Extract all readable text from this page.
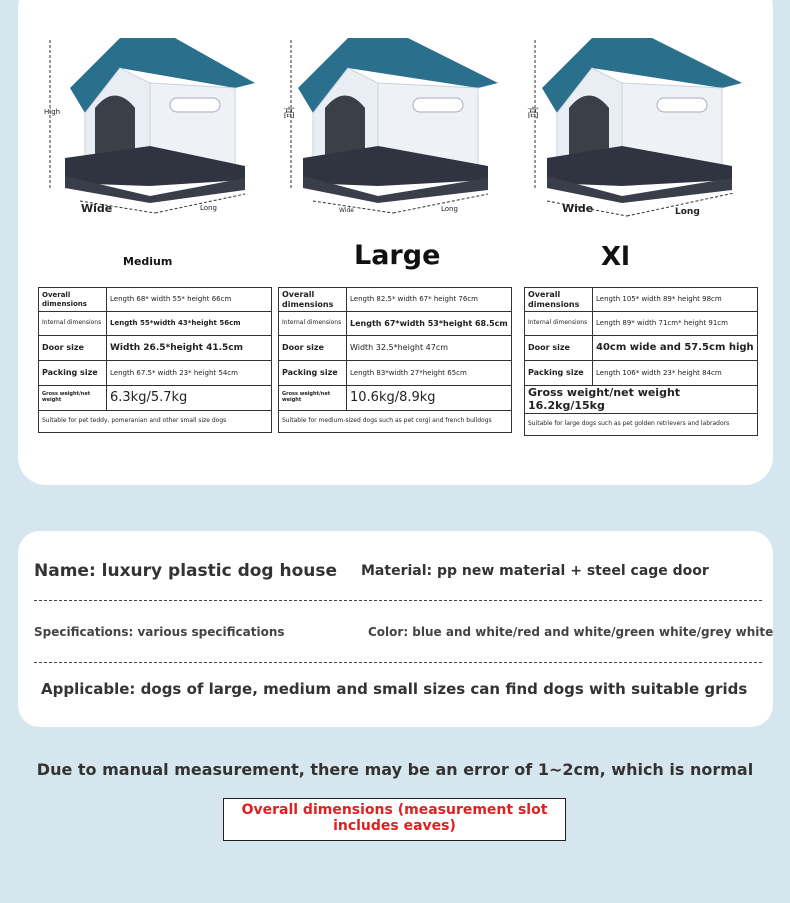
High
Wide	Long
高
Wide	Long
高
Wide	Long
Medium	Large	Xl
Overall dimensions	Length 68* width 55* height 66cm
Internal dimensions	Length 55*width 43*height 56cm
Door size	Width 26.5*height 41.5cm
Packing size	Length 67.5* width 23* height 54cm
Gross weight/net weight	6.3kg/5.7kg
Suitable for pet teddy, pomeranian and other small size dogs	
Overall dimensions	Length 82.5* width 67* height 76cm
Internal dimensions	Length 67*width 53*height 68.5cm
Door size	Width 32.5*height 47cm
Packing size	Length 83*width 27*height 65cm
Gross weight/net weight	10.6kg/8.9kg
Suitable for medium-sized dogs such as pet corgi and french bulldogs	
Overall dimensions	Length 105* width 89* height 98cm
Internal dimensions	Length 89* width 71cm* height 91cm
Door size	40cm wide and 57.5cm high
Packing size	Length 106* width 23* height 84cm
Gross weight/net weight 16.2kg/15kg	
Suitable for large dogs such as pet golden retrievers and labradors	
Name: luxury plastic dog house Material: pp new material + steel cage door
Specifications: various specifications	Color: blue and white/red and white/green white/grey white
Applicable: dogs of large, medium and small sizes can find dogs with suitable grids
Due to manual measurement, there may be an error of 1~2cm, which is normal
Overall dimensions (measurement slot includes eaves)
